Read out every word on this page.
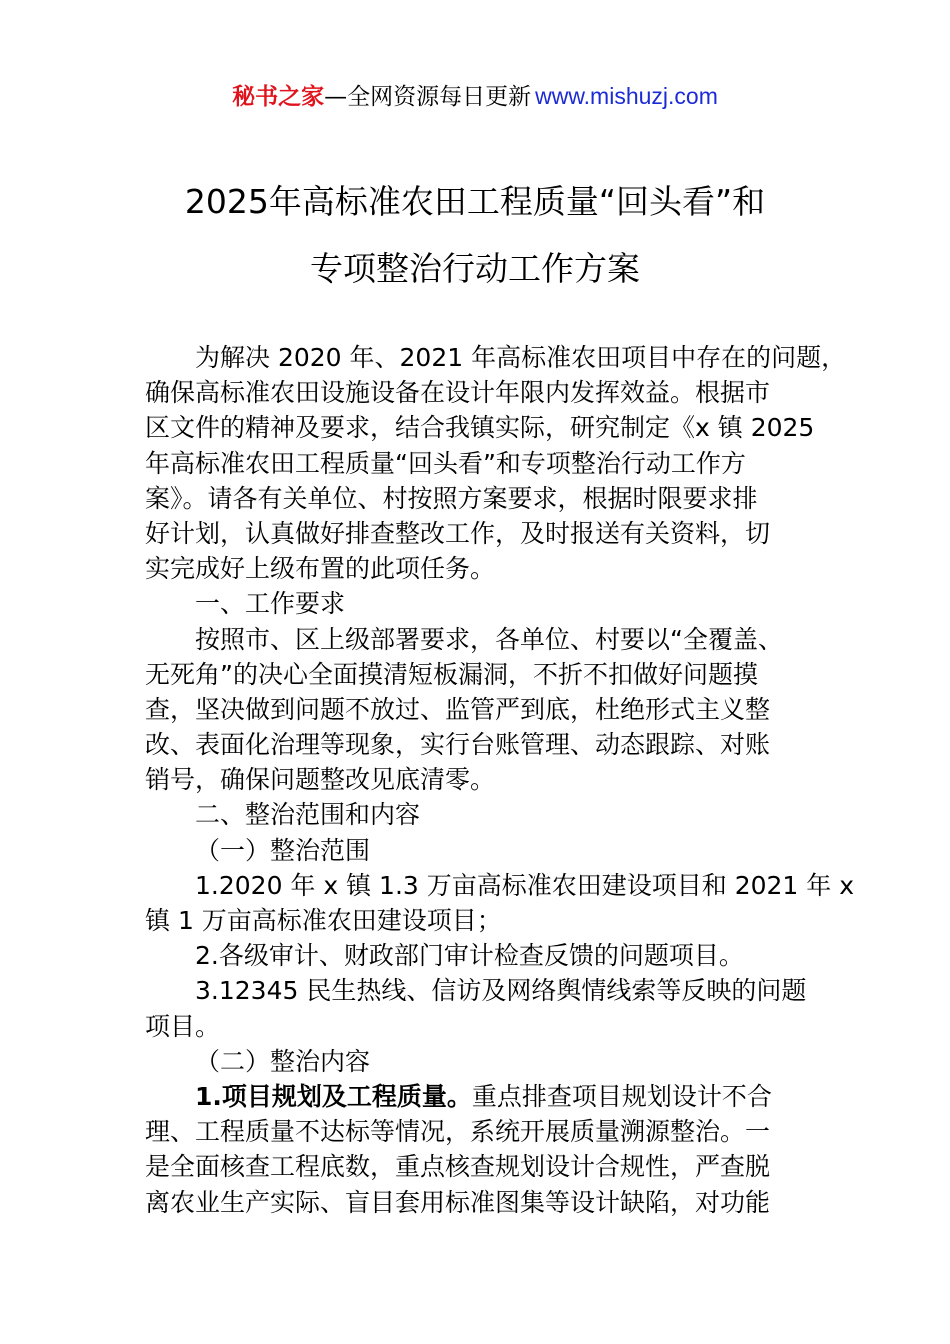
秘书之家—全网资源每日更新 www.mishuzj.com
2025年高标准农田工程质量“回头看”和
专项整治行动工作方案
为解决 2020 年、2021 年高标准农田项目中存在的问题，
确保高标准农田设施设备在设计年限内发挥效益。根据市
区文件的精神及要求，结合我镇实际，研究制定《x 镇 2025
年高标准农田工程质量“回头看”和专项整治行动工作方
案》。请各有关单位、村按照方案要求，根据时限要求排
好计划，认真做好排查整改工作，及时报送有关资料，切
实完成好上级布置的此项任务。
一、工作要求
按照市、区上级部署要求，各单位、村要以“全覆盖、
无死角”的决心全面摸清短板漏洞，不折不扣做好问题摸
查，坚决做到问题不放过、监管严到底，杜绝形式主义整
改、表面化治理等现象，实行台账管理、动态跟踪、对账
销号，确保问题整改见底清零。
二、整治范围和内容
（一）整治范围
1.2020 年 x 镇 1.3 万亩高标准农田建设项目和 2021 年 x
镇 1 万亩高标准农田建设项目；
2.各级审计、财政部门审计检查反馈的问题项目。
3.12345 民生热线、信访及网络舆情线索等反映的问题
项目。
（二）整治内容
1.项目规划及工程质量。重点排查项目规划设计不合
理、工程质量不达标等情况，系统开展质量溯源整治。一
是全面核查工程底数，重点核查规划设计合规性，严查脱
离农业生产实际、盲目套用标准图集等设计缺陷，对功能
